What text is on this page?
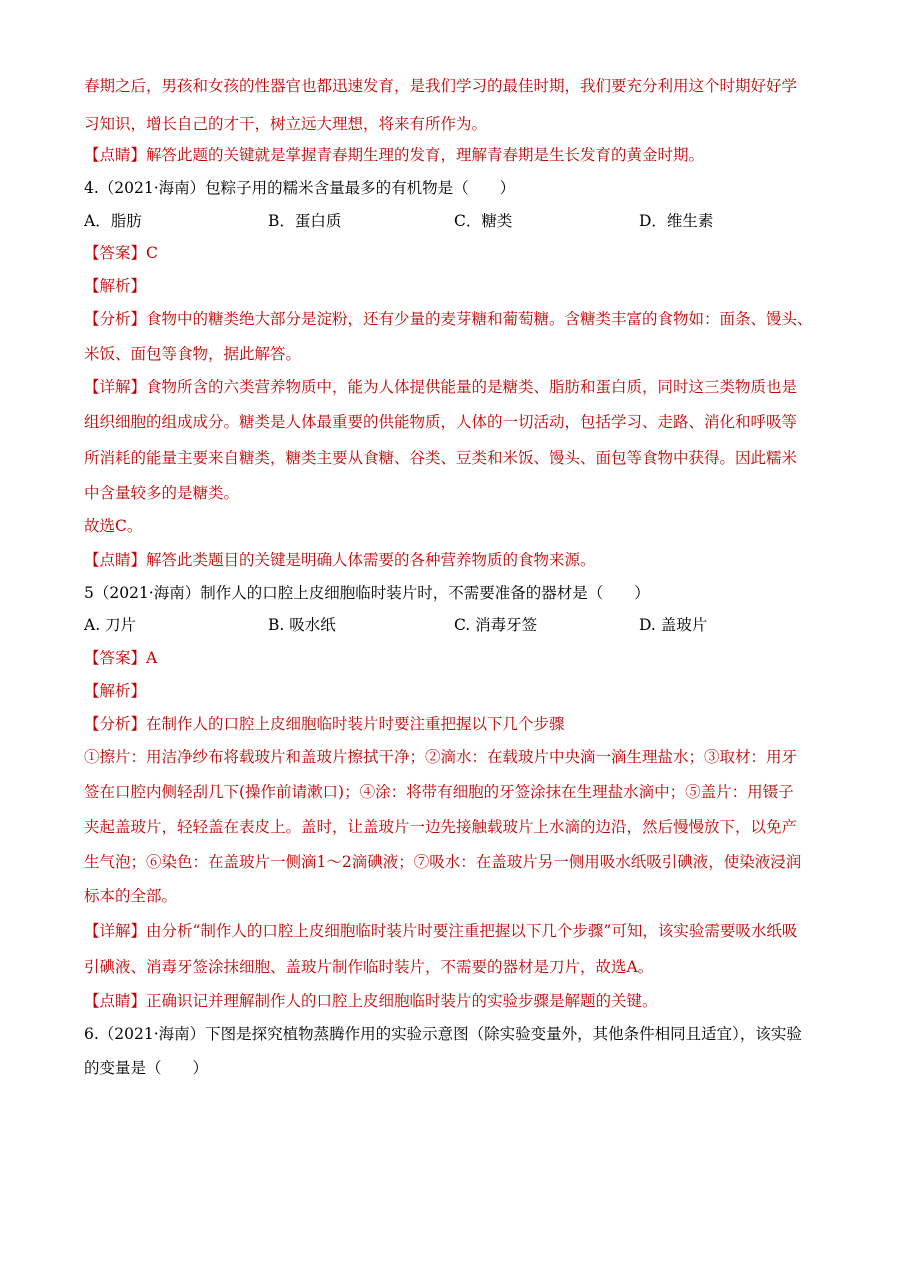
春期之后，男孩和女孩的性器官也都迅速发育，是我们学习的最佳时期，我们要充分利用这个时期好好学
习知识，增长自己的才干，树立远大理想，将来有所作为。
【点睛】解答此题的关键就是掌握青春期生理的发育，理解青春期是生长发育的黄金时期。
4.（2021·海南）包粽子用的糯米含量最多的有机物是（　　）
【答案】C
【解析】
【分析】食物中的糖类绝大部分是淀粉，还有少量的麦芽糖和葡萄糖。含糖类丰富的食物如：面条、馒头、
米饭、面包等食物，据此解答。
【详解】食物所含的六类营养物质中，能为人体提供能量的是糖类、脂肪和蛋白质，同时这三类物质也是
组织细胞的组成成分。糖类是人体最重要的供能物质，人体的一切活动，包括学习、走路、消化和呼吸等
所消耗的能量主要来自糖类，糖类主要从食糖、谷类、豆类和米饭、馒头、面包等食物中获得。因此糯米
中含量较多的是糖类。
故选C。
【点睛】解答此类题目的关键是明确人体需要的各种营养物质的食物来源。
5（2021·海南）制作人的口腔上皮细胞临时装片时，不需要准备的器材是（　　）
【答案】A
【解析】
【分析】在制作人的口腔上皮细胞临时装片时要注重把握以下几个步骤
①擦片：用洁净纱布将载玻片和盖玻片擦拭干净；②滴水：在载玻片中央滴一滴生理盐水；③取材：用牙
签在口腔内侧轻刮几下(操作前请漱口)；④涂：将带有细胞的牙签涂抹在生理盐水滴中；⑤盖片：用镊子
夹起盖玻片，轻轻盖在表皮上。盖时，让盖玻片一边先接触载玻片上水滴的边沿，然后慢慢放下，以免产
生气泡；⑥染色：在盖玻片一侧滴1～2滴碘液；⑦吸水：在盖玻片另一侧用吸水纸吸引碘液，使染液浸润
标本的全部。
【详解】由分析“制作人的口腔上皮细胞临时装片时要注重把握以下几个步骤”可知，该实验需要吸水纸吸
引碘液、消毒牙签涂抹细胞、盖玻片制作临时装片，不需要的器材是刀片，故选A。
【点睛】正确识记并理解制作人的口腔上皮细胞临时装片的实验步骤是解题的关键。
6.（2021·海南）下图是探究植物蒸腾作用的实验示意图（除实验变量外，其他条件相同且适宜），该实验
的变量是（　　）
A．脂肪	B．蛋白质	C．糖类	D．维生素
A. 刀片	B. 吸水纸	C. 消毒牙签	D. 盖玻片
